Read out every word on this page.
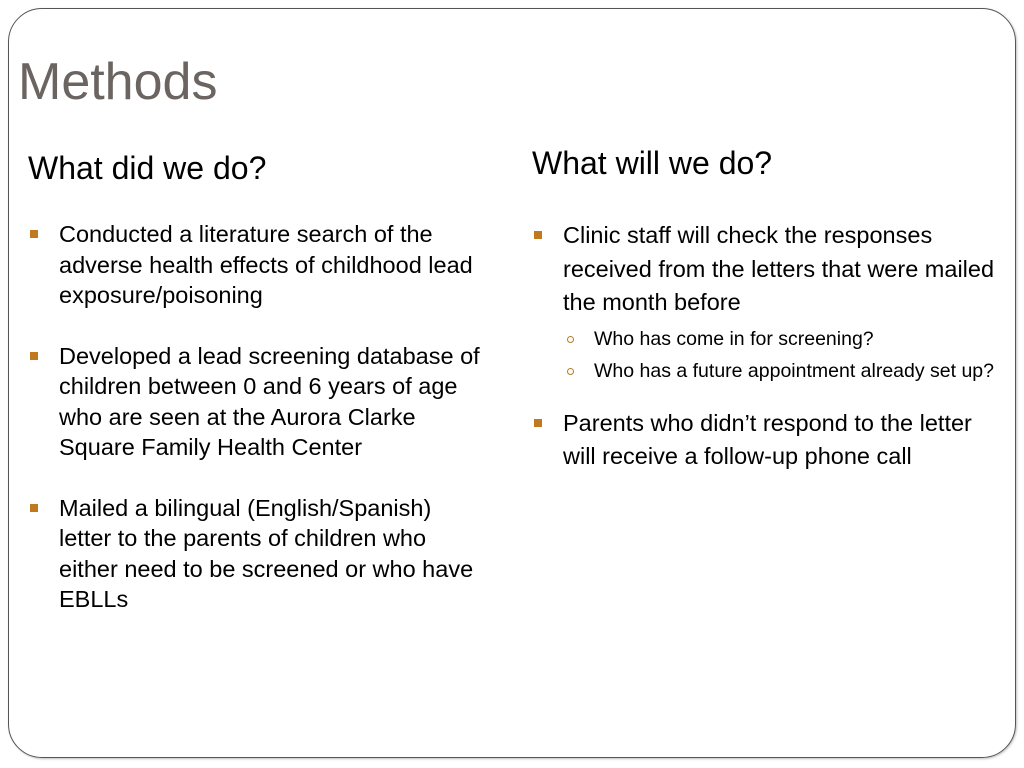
Methods
What did we do?
Conducted a literature search of the adverse health effects of childhood lead exposure/poisoning
Developed a lead screening database of children between 0 and 6 years of age who are seen at the Aurora Clarke Square Family Health Center
Mailed a bilingual (English/Spanish) letter to the parents of children who either need to be screened or who have EBLLs
What will we do?
Clinic staff will check the responses received from the letters that were mailed the month before
Who has come in for screening?
Who has a future appointment already set up?
Parents who didn’t respond to the letter will receive a follow-up phone call
